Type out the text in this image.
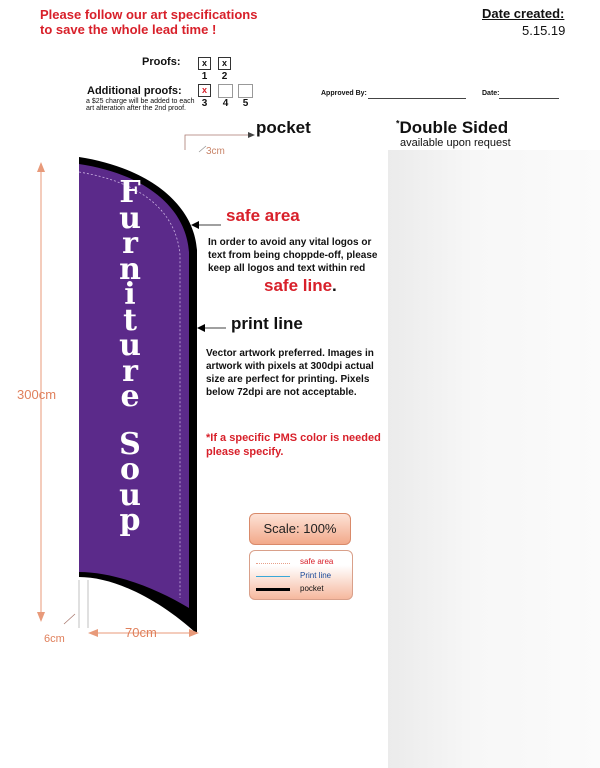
Please follow our art specifications
to save the whole lead time !
Date created:
5.15.19
Proofs:	x	x
1	2
Additional proofs:	x
3	4	5
a $25 charge will be added to each art alteration after the 2nd proof.
Approved By:	Date:
F
u
r
n
i
t
u
r
e
S
o
u
p
pocket
3cm
*Double Sided
available upon request
safe area
In order to avoid any vital logos or text from being choppde-off, please keep all logos and text within red
safe line.
print line
Vector artwork preferred. Images in artwork with pixels at 300dpi actual size are perfect for printing. Pixels below 72dpi are not acceptable.
*If a specific PMS color is needed please specify.
300cm
70cm
6cm
Scale: 100%
safe area
Print line
pocket
